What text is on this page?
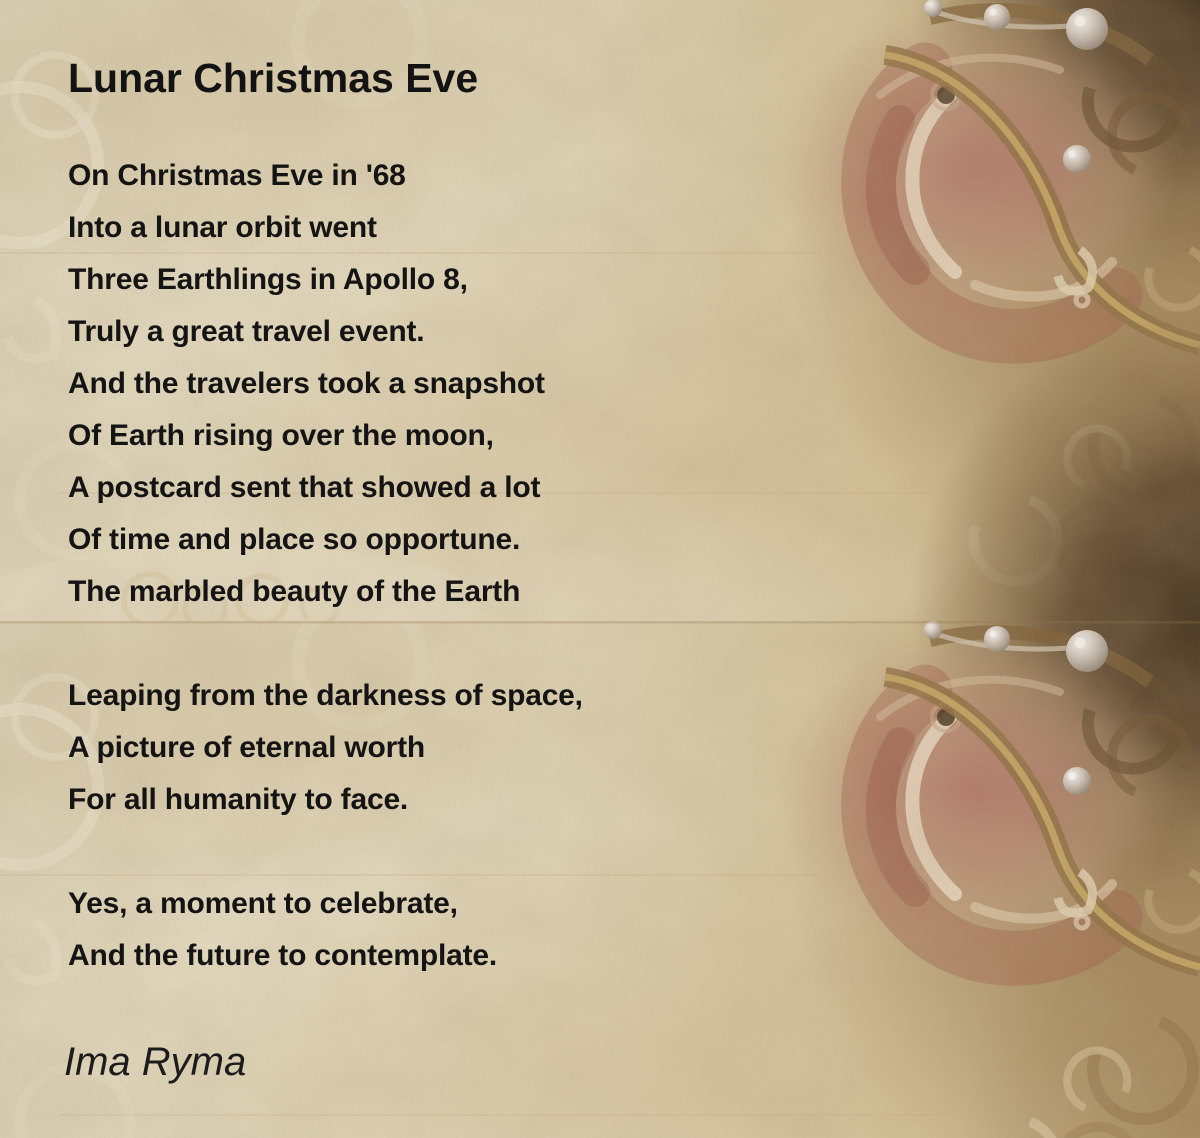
Lunar Christmas Eve
On Christmas Eve in '68
Into a lunar orbit went
Three Earthlings in Apollo 8,
Truly a great travel event.
And the travelers took a snapshot
Of Earth rising over the moon,
A postcard sent that showed a lot
Of time and place so opportune.
The marbled beauty of the Earth
Leaping from the darkness of space,
A picture of eternal worth
For all humanity to face.
Yes, a moment to celebrate,
And the future to contemplate.
Ima Ryma
